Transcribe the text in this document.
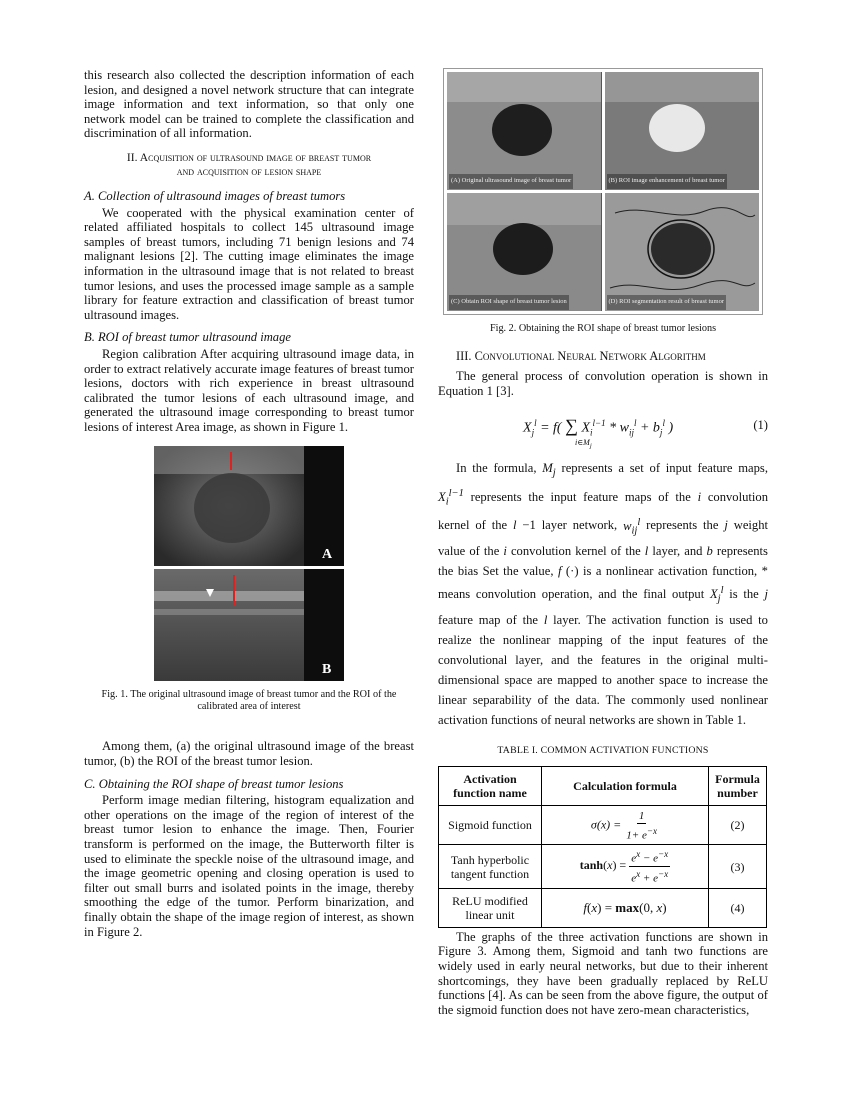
this research also collected the description information of each lesion, and designed a novel network structure that can integrate image information and text information, so that only one network model can be trained to complete the classification and discrimination of all information.

II. Acquisition of ultrasound image of breast tumor
and acquisition of lesion shape
A. Collection of ultrasound images of breast tumors

We cooperated with the physical examination center of related affiliated hospitals to collect 145 ultrasound image samples of breast tumors, including 71 benign lesions and 74 malignant lesions [2]. The cutting image eliminates the image information in the ultrasound image that is not related to breast tumor lesions, and uses the processed image sample as a sample library for feature extraction and classification of breast tumor ultrasound images.

B. ROI of breast tumor ultrasound image

Region calibration After acquiring ultrasound image data, in order to extract relatively accurate image features of breast tumor lesions, doctors with rich experience in breast ultrasound calibrated the tumor lesions of each ultrasound image, and generated the ultrasound image corresponding to breast tumor lesions of interest Area image, as shown in Figure 1.

A
B
Fig. 1. The original ultrasound image of breast tumor and the ROI of the calibrated area of interest

Among them, (a) the original ultrasound image of the breast tumor, (b) the ROI of the breast tumor lesion.

C. Obtaining the ROI shape of breast tumor lesions

Perform image median filtering, histogram equalization and other operations on the image of the region of interest of the breast tumor lesion to enhance the image. Then, Fourier transform is performed on the image, the Butterworth filter is used to eliminate the speckle noise of the ultrasound image, and the image geometric opening and closing operation is used to filter out small burrs and isolated points in the image, thereby smoothing the edge of the tumor. Perform binarization, and finally obtain the shape of the image region of interest, as shown in Figure 2.

(A) Original ultrasound image of breast tumor	(B) ROI image enhancement of breast tumor
(C) Obtain ROI shape of breast tumor lesion	(D) ROI segmentation result of breast tumor
Fig. 2. Obtaining the ROI shape of breast tumor lesions
III. Convolutional Neural Network Algorithm

The general process of convolution operation is shown in Equation 1 [3].

$X_j^l = f$( ∑ $X_i^{l-1} * w_{ij}^l + b_j^l$ )
$i\in M_j$
(1)

In the formula, $M_j$ represents a set of input feature maps, $X_i^{l-1}$ represents the input feature maps of the i convolution kernel of the l −1 layer network, $w_{ij}^l$ represents the j weight value of the i convolution kernel of the l layer, and b represents the bias Set the value, f (·) is a nonlinear activation function, * means convolution operation, and the final output $X_j^l$ is the j feature map of the l layer. The activation function is used to realize the nonlinear mapping of the input features of the convolutional layer, and the features in the original multi-dimensional space are mapped to another space to increase the linear separability of the data. The commonly used nonlinear activation functions of neural networks are shown in Table 1.

TABLE I. COMMON ACTIVATION FUNCTIONS
Activation function name	Calculation formula	Formula number
Sigmoid function	$\sigma(x) = \frac{1}{1+ e^{-x}}$	(2)
Tanh hyperbolic tangent function	$\tanh(x) = \frac{e^x - e^{-x}}{e^x + e^{-x}}$	(3)
ReLU modified linear unit	f(x) = max(0, x)	(4)

The graphs of the three activation functions are shown in Figure 3. Among them, Sigmoid and tanh two functions are widely used in early neural networks, but due to their inherent shortcomings, they have been gradually replaced by ReLU functions [4]. As can be seen from the above figure, the output of the sigmoid function does not have zero-mean characteristics,
